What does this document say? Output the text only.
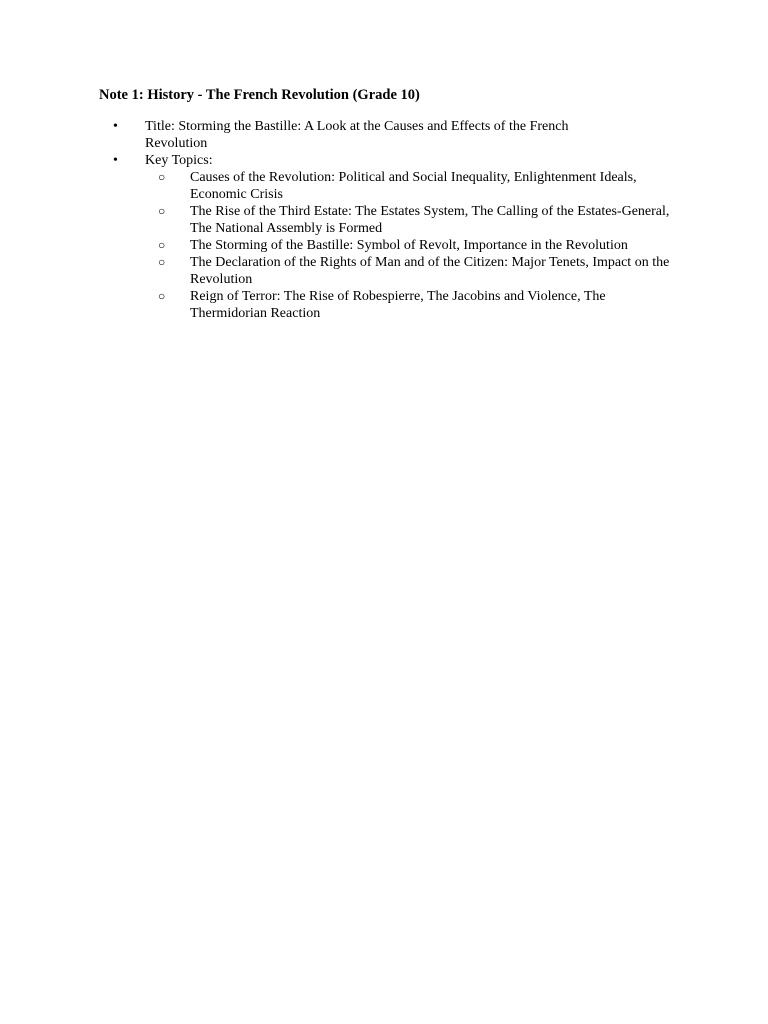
Note 1: History - The French Revolution (Grade 10)
• Title: Storming the Bastille: A Look at the Causes and Effects of the French Revolution
• Key Topics:
○ Causes of the Revolution: Political and Social Inequality, Enlightenment Ideals, Economic Crisis
○ The Rise of the Third Estate: The Estates System, The Calling of the Estates-General, The National Assembly is Formed
○ The Storming of the Bastille: Symbol of Revolt, Importance in the Revolution
○ The Declaration of the Rights of Man and of the Citizen: Major Tenets, Impact on the Revolution
○ Reign of Terror: The Rise of Robespierre, The Jacobins and Violence, The Thermidorian Reaction
